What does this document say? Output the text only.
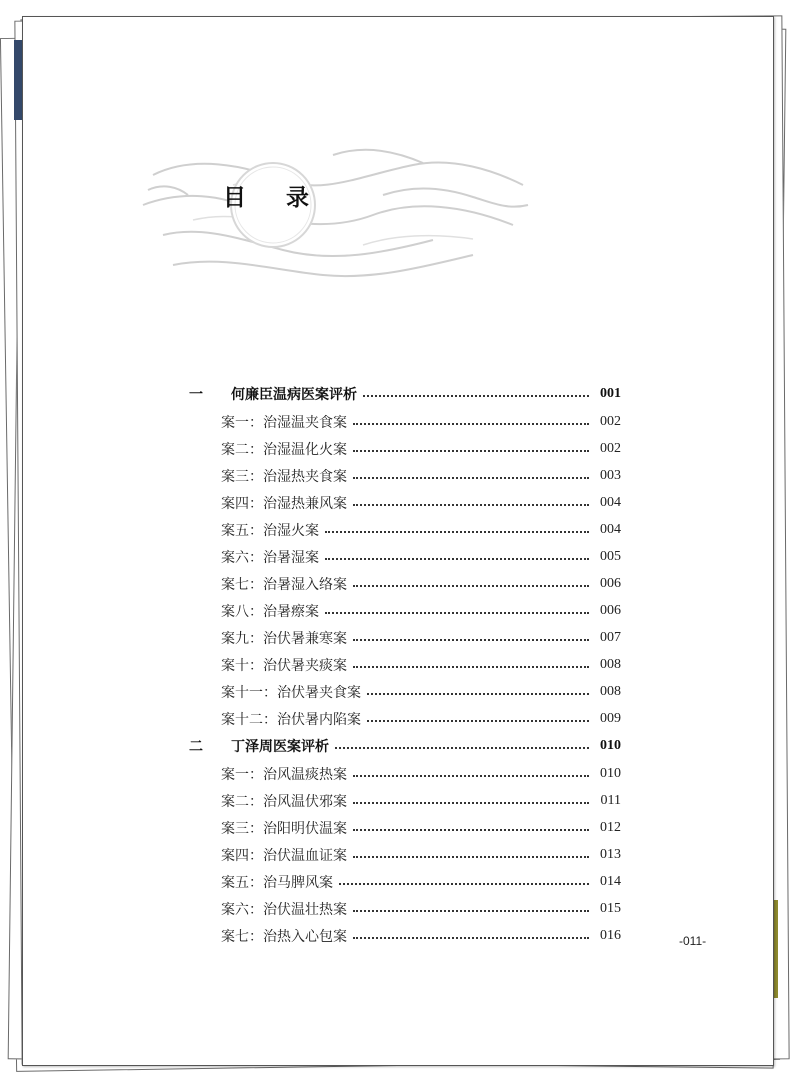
目 录
一	何廉臣温病医案评析	001
案一：治湿温夹食案	002
案二：治湿温化火案	002
案三：治湿热夹食案	003
案四：治湿热兼风案	004
案五：治湿火案	004
案六：治暑湿案	005
案七：治暑湿入络案	006
案八：治暑瘵案	006
案九：治伏暑兼寒案	007
案十：治伏暑夹痰案	008
案十一：治伏暑夹食案	008
案十二：治伏暑内陷案	009
二	丁泽周医案评析	010
案一：治风温痰热案	010
案二：治风温伏邪案	011
案三：治阳明伏温案	012
案四：治伏温血证案	013
案五：治马脾风案	014
案六：治伏温壮热案	015
案七：治热入心包案	016	-011-
